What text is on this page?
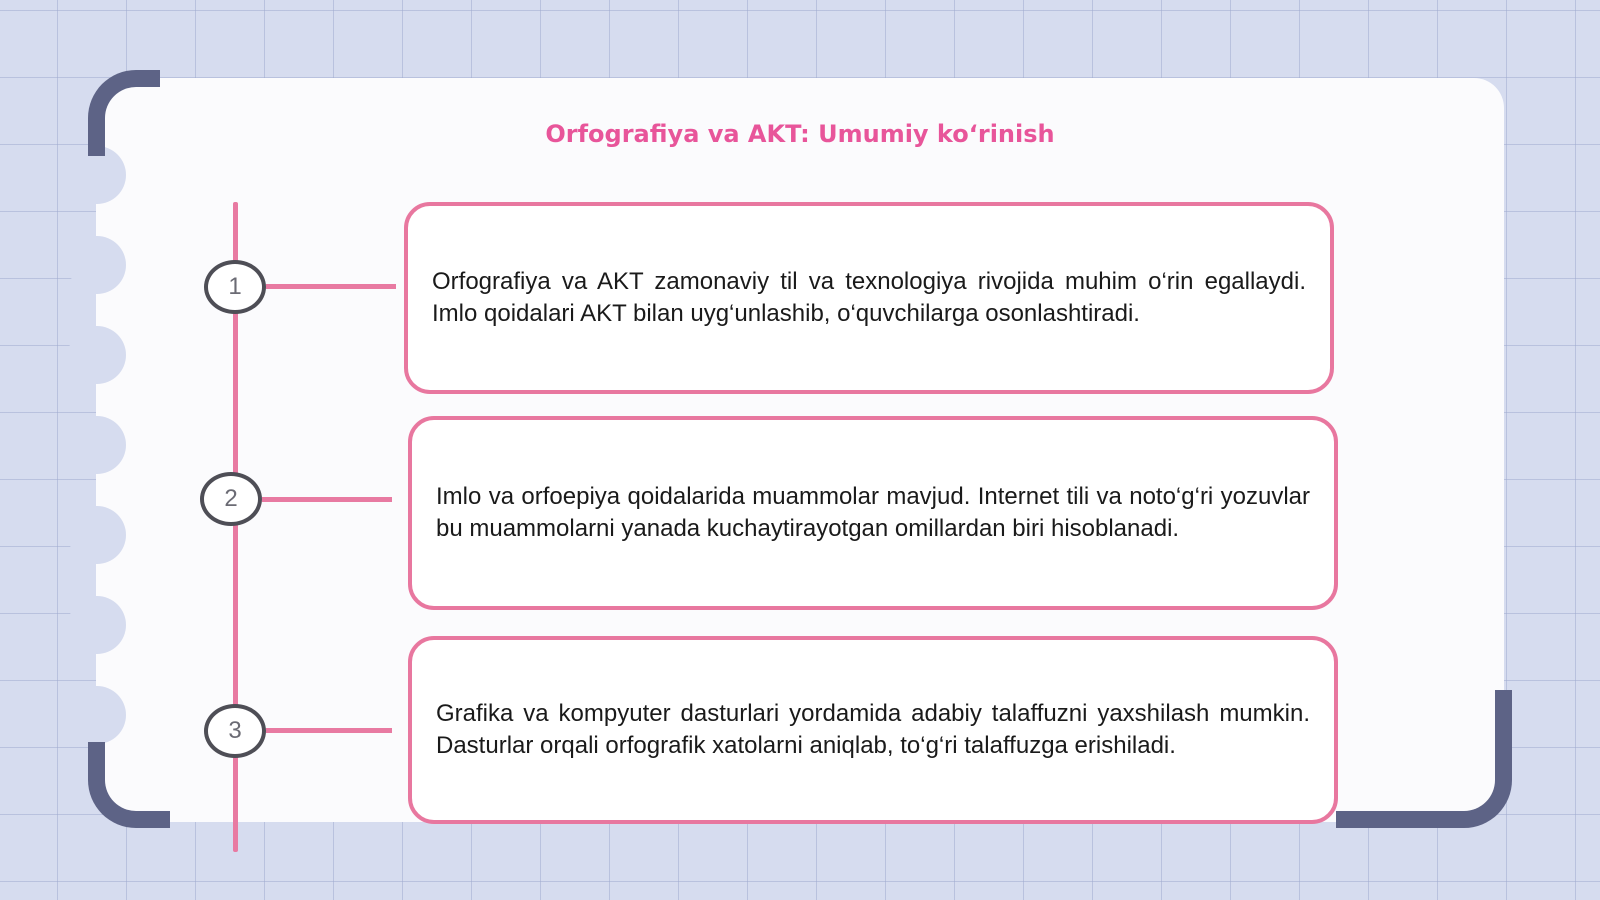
Orfografiya va AKT: Umumiy koʻrinish
1	Orfografiya va AKT zamonaviy til va texnologiya rivojida muhim o‘rin egallaydi. Imlo qoidalari AKT bilan uyg‘unlashib, o‘quvchilarga osonlashtiradi.
2	Imlo va orfoepiya qoidalarida muammolar mavjud. Internet tili va noto‘g‘ri yozuvlar bu muammolarni yanada kuchaytirayotgan omillardan biri hisoblanadi.
3
Grafika va kompyuter dasturlari yordamida adabiy talaffuzni yaxshilash mumkin. Dasturlar orqali orfografik xatolarni aniqlab, to‘g‘ri talaffuzga erishiladi.
